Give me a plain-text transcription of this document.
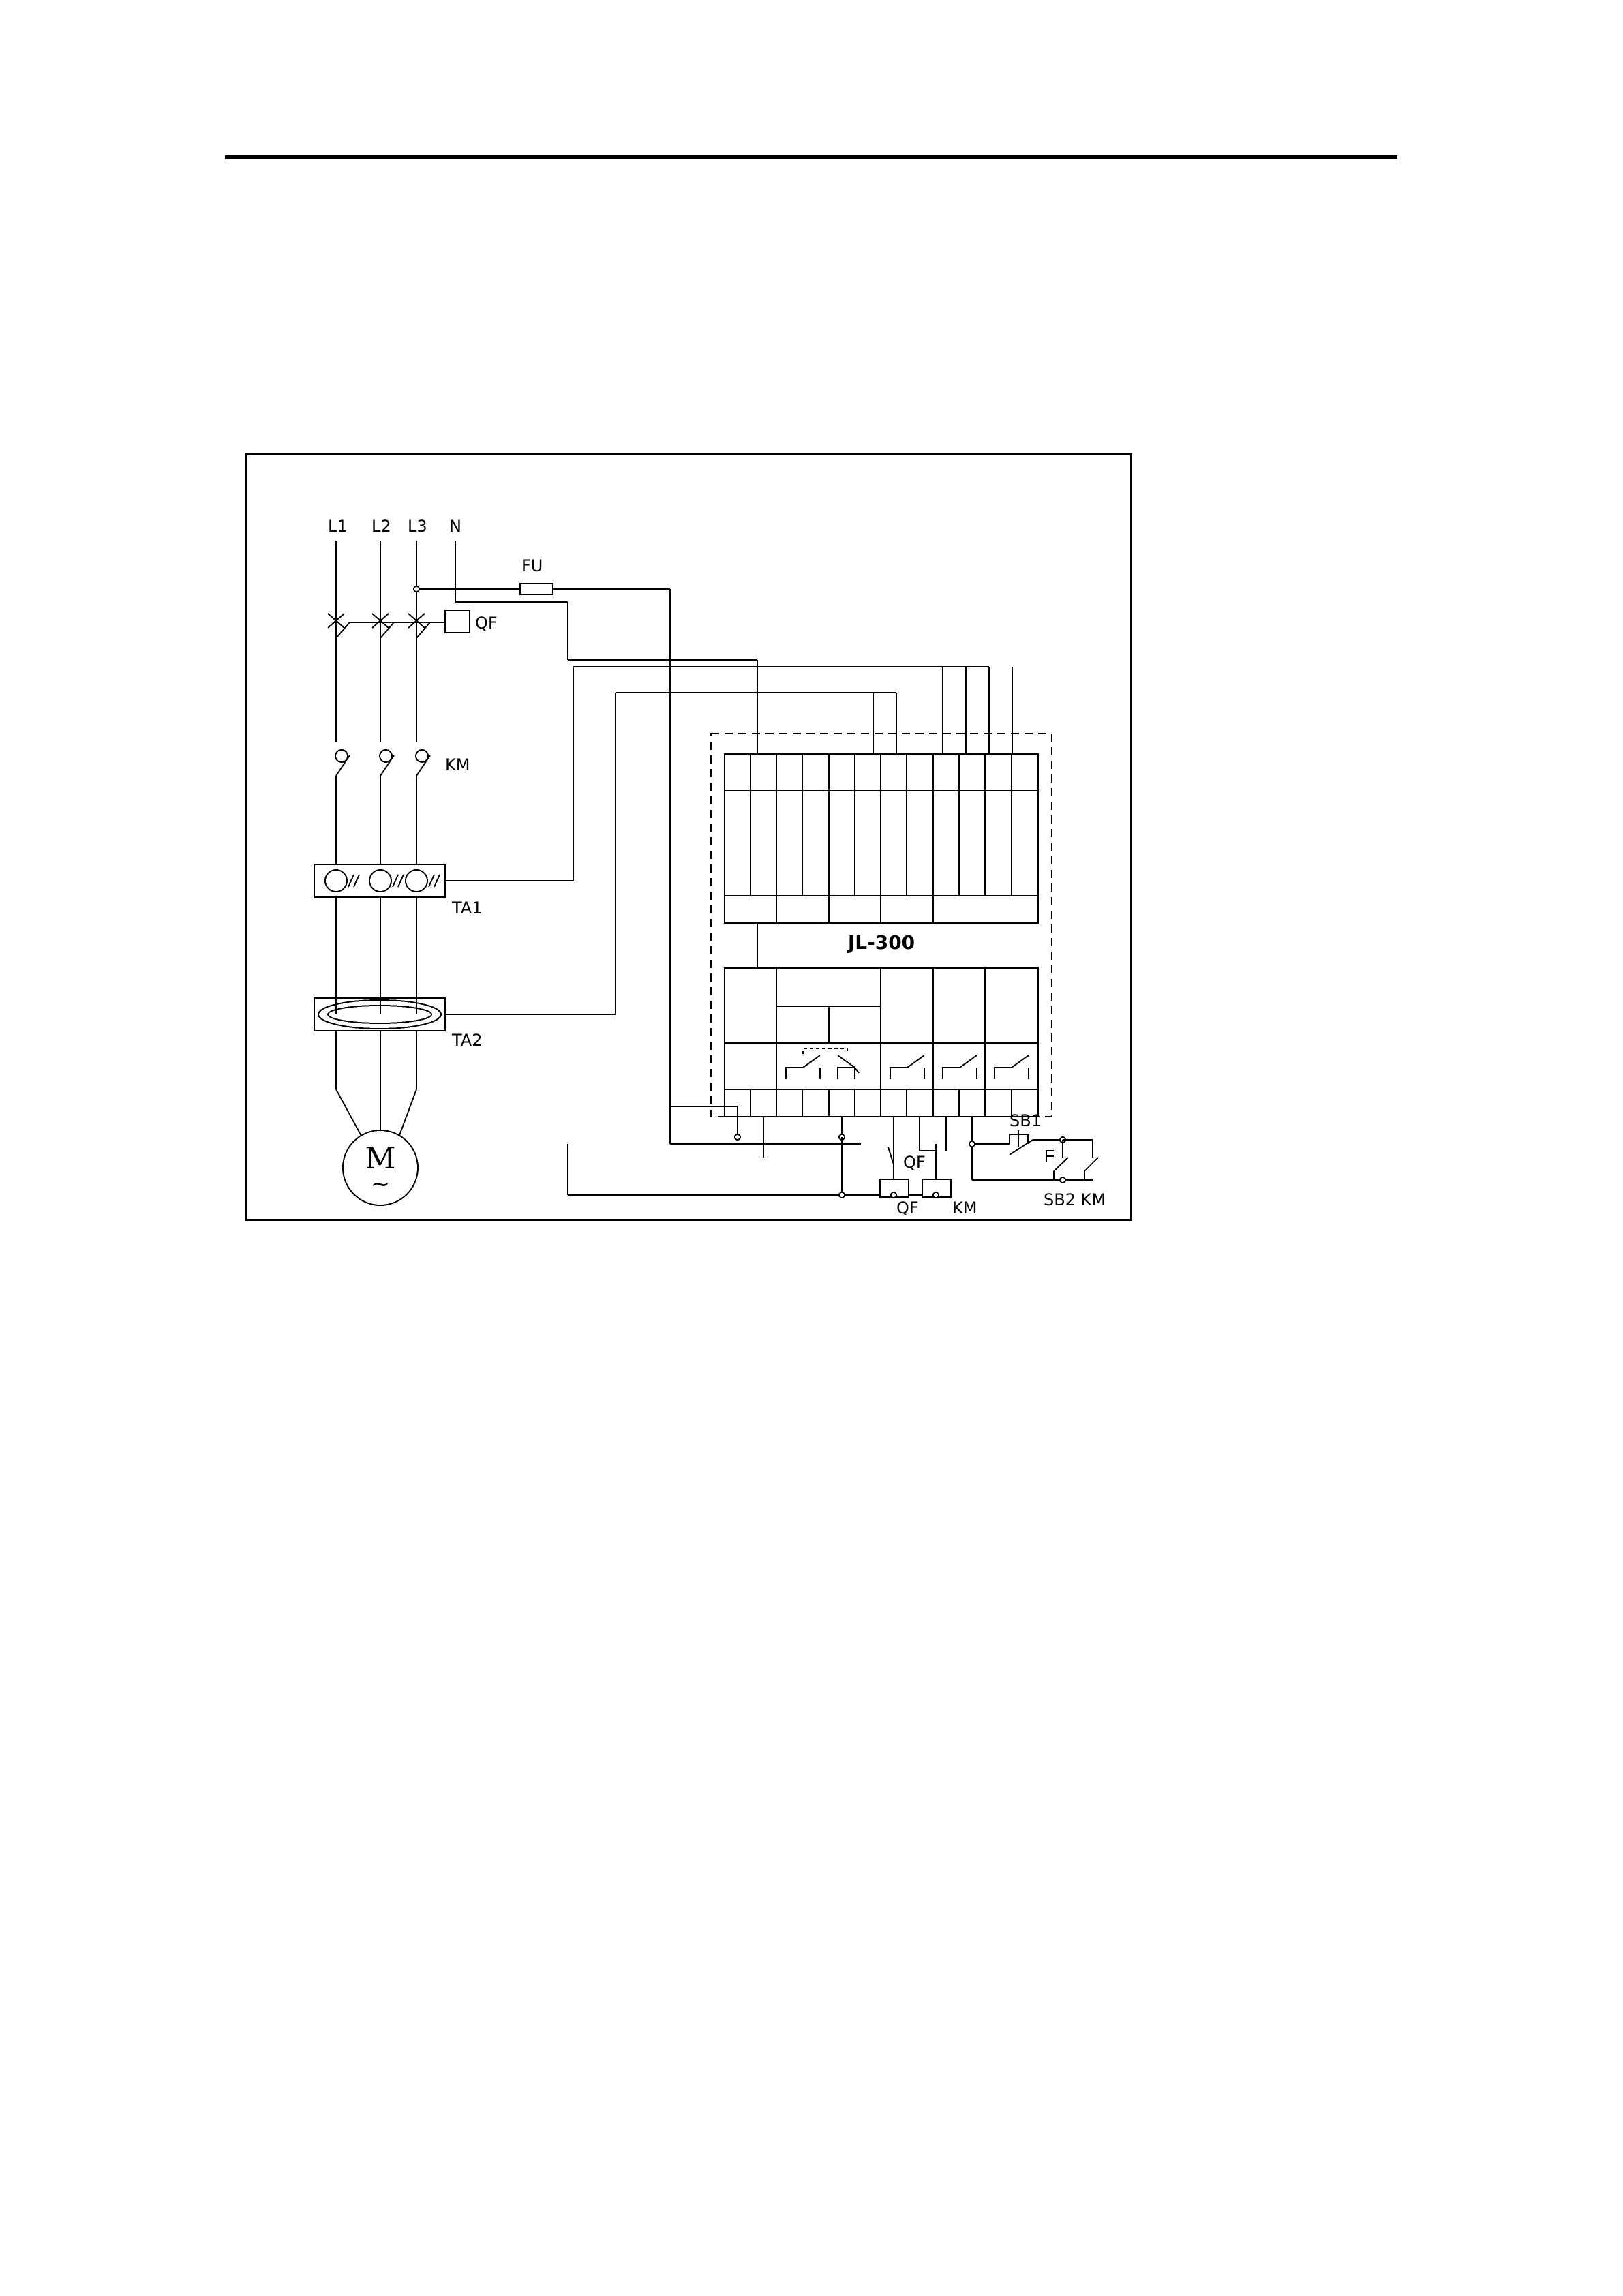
L1 L2 L3 N
FU
QF
KM
TA1
TA2
M
~
SB1
SB2 KM
QF
QF KM
JL-300
